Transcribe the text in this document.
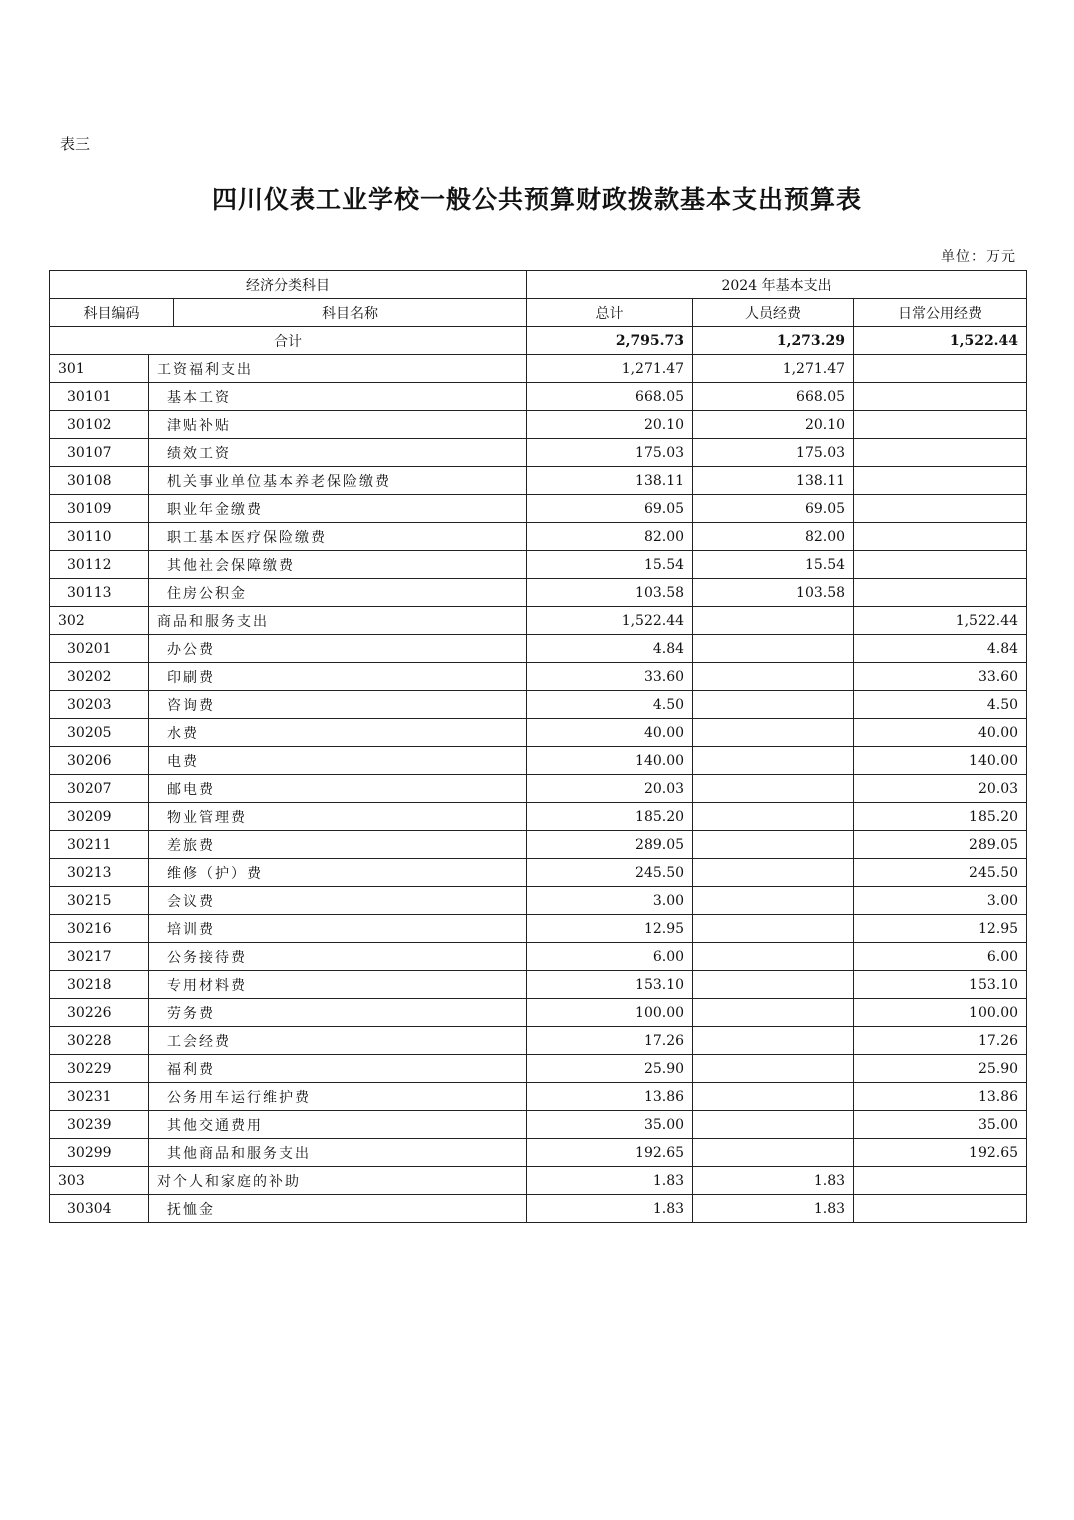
表三
四川仪表工业学校一般公共预算财政拨款基本支出预算表
单位：万元
经济分类科目			2024 年基本支出		
科目编码		科目名称	总计	人员经费	日常公用经费
合计			2,795.73	1,273.29	1,522.44
301	工资福利支出		1,271.47	1,271.47	
30101	基本工资		668.05	668.05	
30102	津贴补贴		20.10	20.10	
30107	绩效工资		175.03	175.03	
30108	机关事业单位基本养老保险缴费		138.11	138.11	
30109	职业年金缴费		69.05	69.05	
30110	职工基本医疗保险缴费		82.00	82.00	
30112	其他社会保障缴费		15.54	15.54	
30113	住房公积金		103.58	103.58	
302	商品和服务支出		1,522.44		1,522.44
30201	办公费		4.84		4.84
30202	印刷费		33.60		33.60
30203	咨询费		4.50		4.50
30205	水费		40.00		40.00
30206	电费		140.00		140.00
30207	邮电费		20.03		20.03
30209	物业管理费		185.20		185.20
30211	差旅费		289.05		289.05
30213	维修（护）费		245.50		245.50
30215	会议费		3.00		3.00
30216	培训费		12.95		12.95
30217	公务接待费		6.00		6.00
30218	专用材料费		153.10		153.10
30226	劳务费		100.00		100.00
30228	工会经费		17.26		17.26
30229	福利费		25.90		25.90
30231	公务用车运行维护费		13.86		13.86
30239	其他交通费用		35.00		35.00
30299	其他商品和服务支出		192.65		192.65
303	对个人和家庭的补助		1.83	1.83	
30304	抚恤金		1.83	1.83	
